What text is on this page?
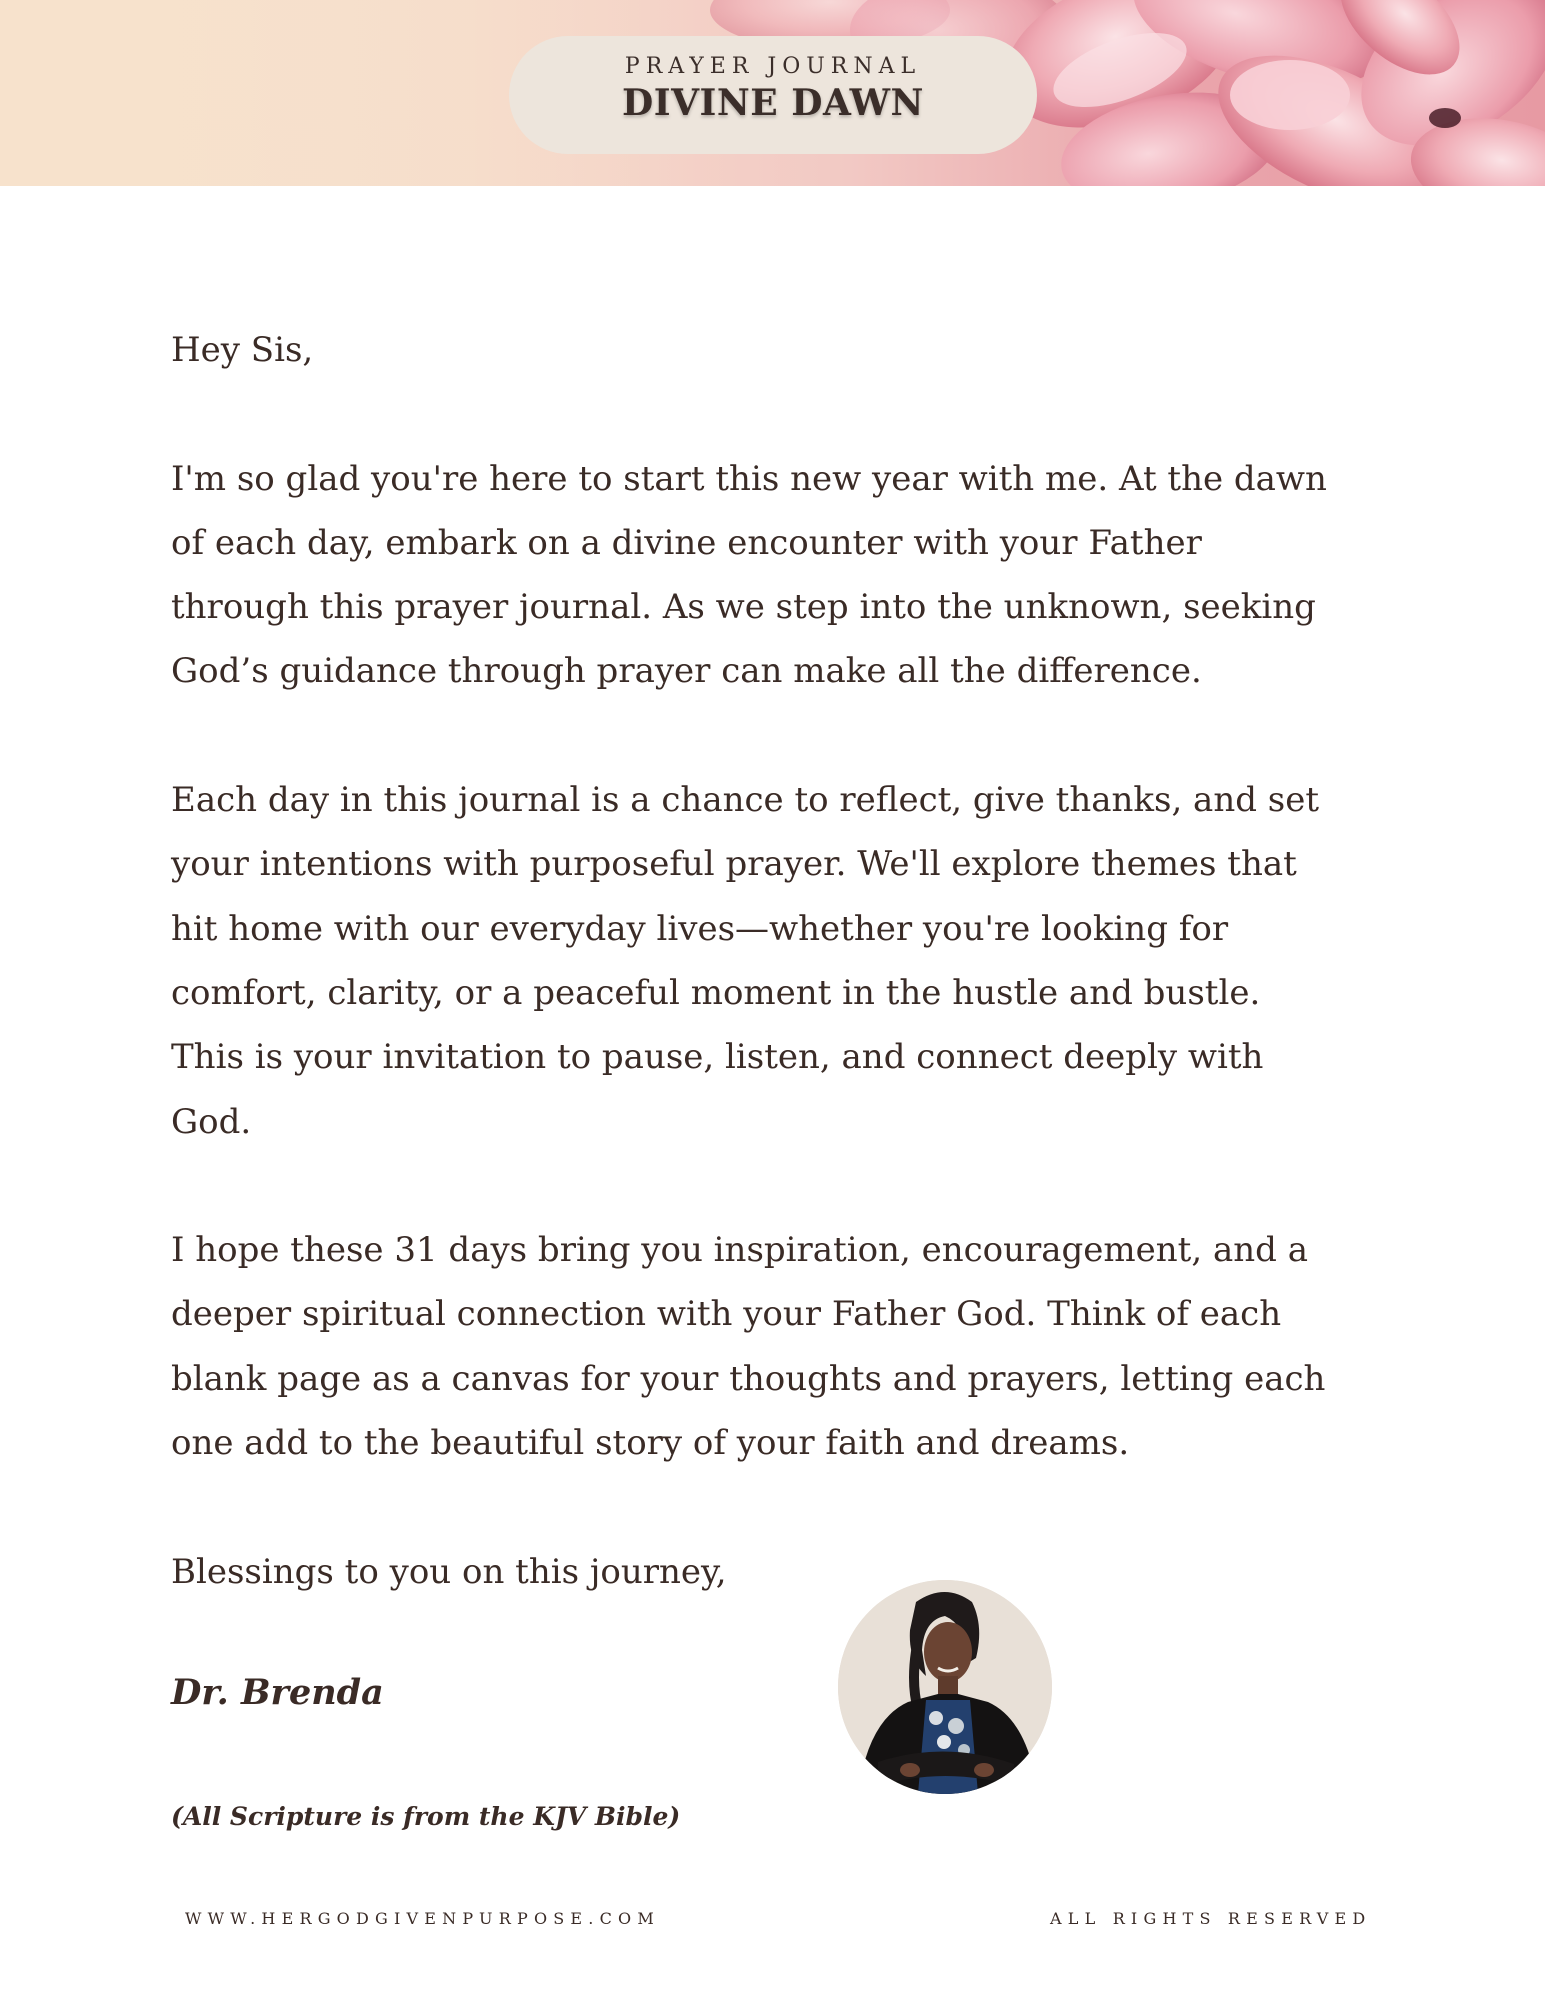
PRAYER JOURNAL
DIVINE DAWN

Hey Sis,

I'm so glad you're here to start this new year with me. At the dawn
of each day, embark on a divine encounter with your Father
through this prayer journal. As we step into the unknown, seeking
God’s guidance through prayer can make all the difference.

Each day in this journal is a chance to reflect, give thanks, and set
your intentions with purposeful prayer. We'll explore themes that
hit home with our everyday lives—whether you're looking for
comfort, clarity, or a peaceful moment in the hustle and bustle.
This is your invitation to pause, listen, and connect deeply with
God.

I hope these 31 days bring you inspiration, encouragement, and a
deeper spiritual connection with your Father God. Think of each
blank page as a canvas for your thoughts and prayers, letting each
one add to the beautiful story of your faith and dreams.

Blessings to you on this journey,

Dr. Brenda
(All Scripture is from the KJV Bible)
WWW.HERGODGIVENPURPOSE.COM	ALL RIGHTS RESERVED
